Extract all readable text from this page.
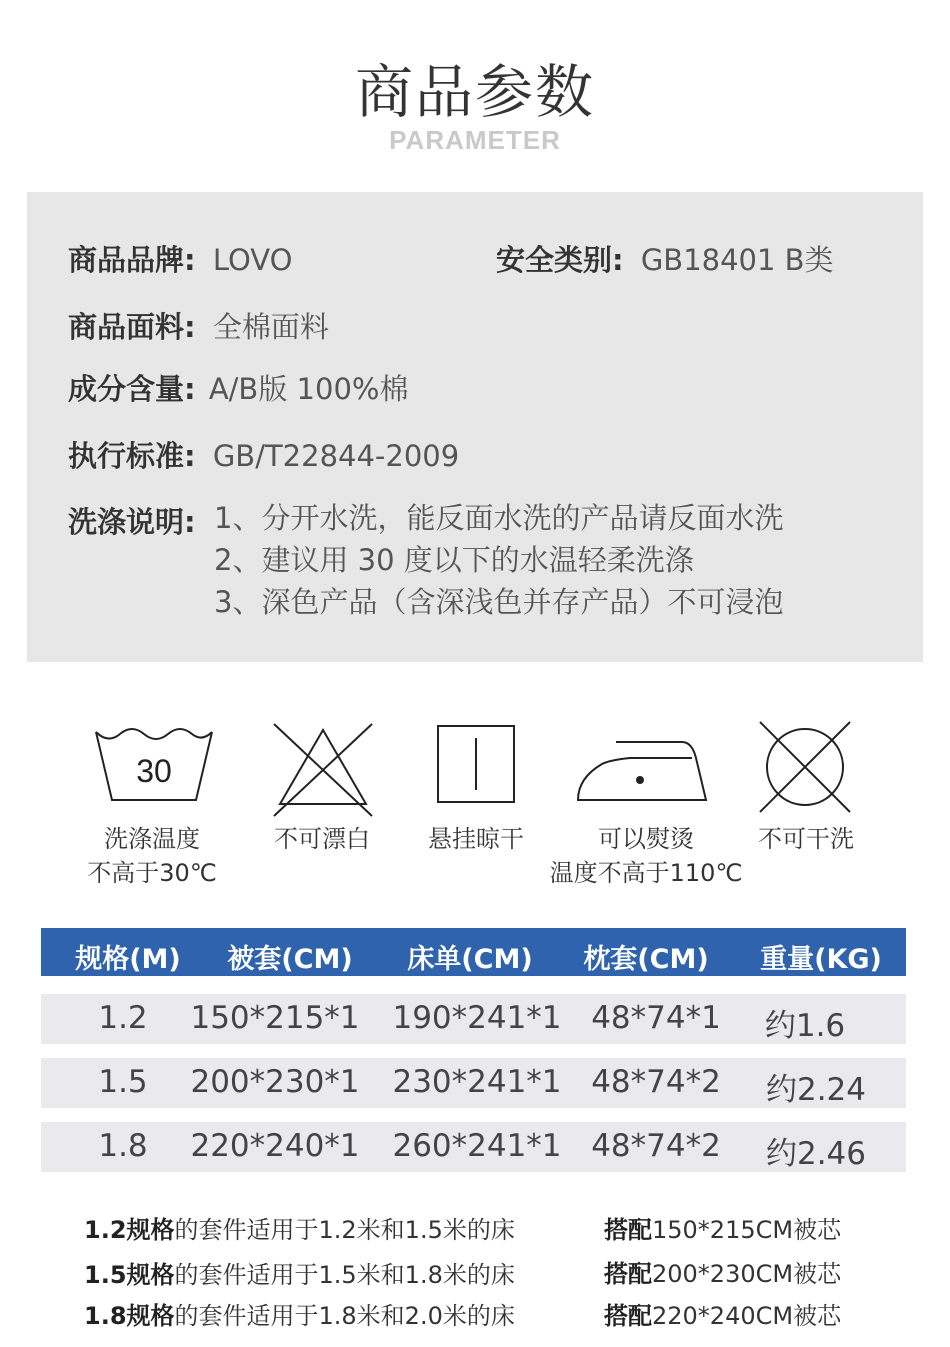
商品参数
PARAMETER
商品品牌: LOVO	安全类别: GB18401 B类
商品面料: 全棉面料
成分含量: A/B版 100%棉
执行标准: GB/T22844-2009
洗涤说明: 1、分开水洗，能反面水洗的产品请反面水洗
2、建议用 30 度以下的水温轻柔洗涤
3、深色产品（含深浅色并存产品）不可浸泡
30
洗涤温度
不高于30℃
不可漂白	悬挂晾干	可以熨烫
温度不高于110℃
不可干洗
规格(M)	被套(CM)	床单(CM)	枕套(CM)	重量(KG)
1.2	150*215*1 190*241*1 48*74*1	约1.6
1.5	200*230*1 230*241*1 48*74*2	约2.24
1.8	220*240*1 260*241*1 48*74*2	约2.46
1.2规格的套件适用于1.2米和1.5米的床	搭配150*215CM被芯
1.5规格的套件适用于1.5米和1.8米的床	搭配200*230CM被芯
1.8规格的套件适用于1.8米和2.0米的床	搭配220*240CM被芯
